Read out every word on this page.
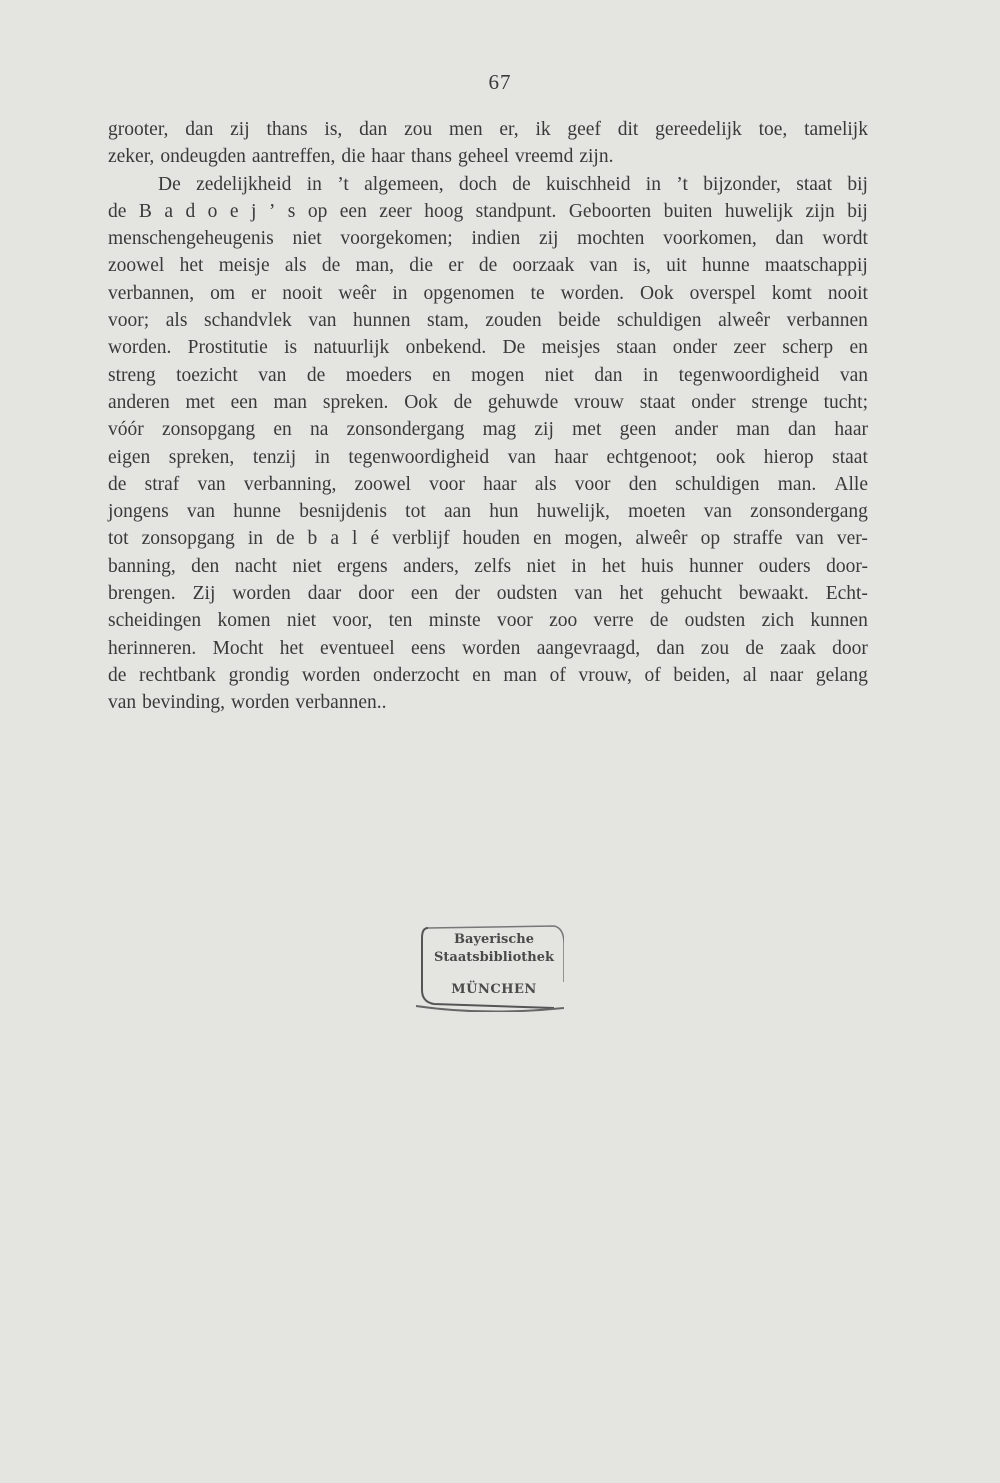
67
grooter, dan zij thans is, dan zou men er, ik geef dit gereedelijk toe, tamelijk
zeker, ondeugden aantreffen, die haar thans geheel vreemd zijn.
De zedelijkheid in ’t algemeen, doch de kuischheid in ’t bijzonder, staat bij
de B a d o e j ’ s op een zeer hoog standpunt. Geboorten buiten huwelijk zijn bij
menschengeheugenis niet voorgekomen; indien zij mochten voorkomen, dan wordt
zoowel het meisje als de man, die er de oorzaak van is, uit hunne maatschappij
verbannen, om er nooit weêr in opgenomen te worden. Ook overspel komt nooit
voor; als schandvlek van hunnen stam, zouden beide schuldigen alweêr verbannen
worden. Prostitutie is natuurlijk onbekend. De meisjes staan onder zeer scherp en
streng toezicht van de moeders en mogen niet dan in tegenwoordigheid van
anderen met een man spreken. Ook de gehuwde vrouw staat onder strenge tucht;
vóór zonsopgang en na zonsondergang mag zij met geen ander man dan haar
eigen spreken, tenzij in tegenwoordigheid van haar echtgenoot; ook hierop staat
de straf van verbanning, zoowel voor haar als voor den schuldigen man. Alle
jongens van hunne besnijdenis tot aan hun huwelijk, moeten van zonsondergang
tot zonsopgang in de b a l é verblijf houden en mogen, alweêr op straffe van ver-
banning, den nacht niet ergens anders, zelfs niet in het huis hunner ouders door-
brengen. Zij worden daar door een der oudsten van het gehucht bewaakt. Echt-
scheidingen komen niet voor, ten minste voor zoo verre de oudsten zich kunnen
herinneren. Mocht het eventueel eens worden aangevraagd, dan zou de zaak door
de rechtbank grondig worden onderzocht en man of vrouw, of beiden, al naar gelang
van bevinding, worden verbannen..
Bayerische
Staatsbibliothek
MÜNCHEN
